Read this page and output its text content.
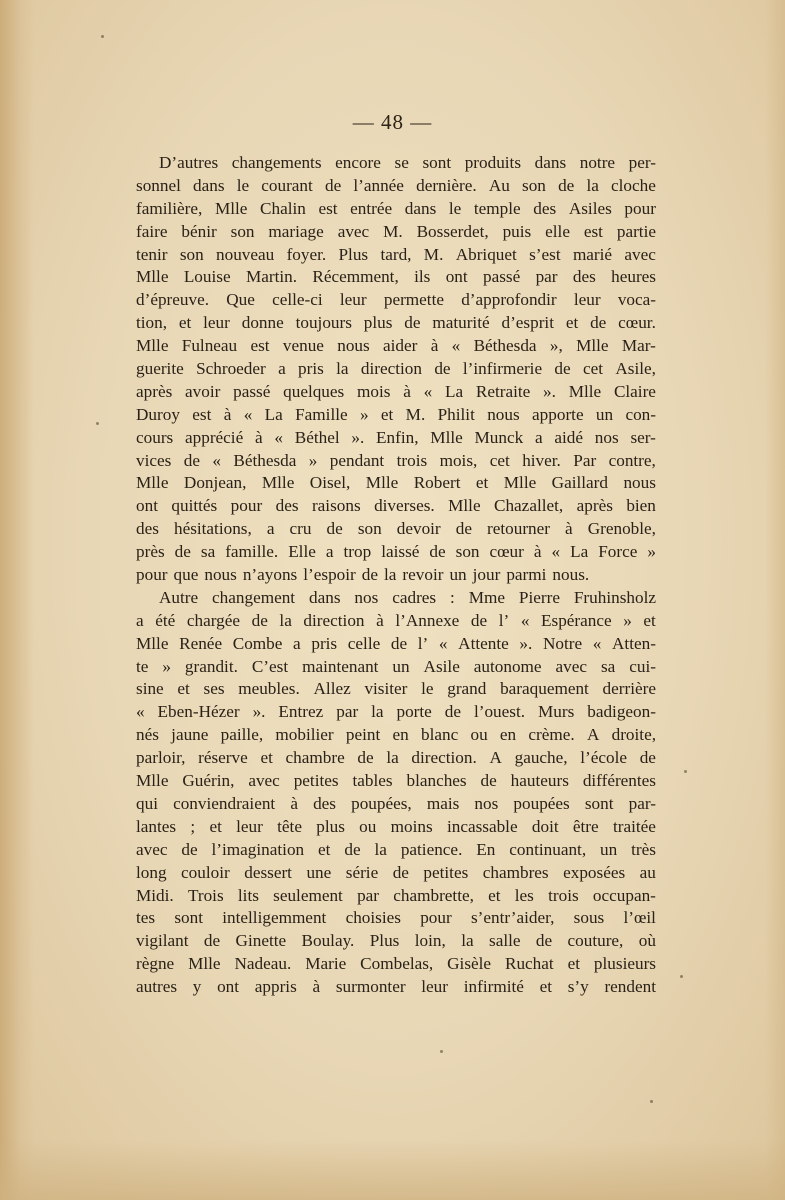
— 48 —
D’autres changements encore se sont produits dans notre per-
sonnel dans le courant de l’année dernière. Au son de la cloche
familière, Mlle Chalin est entrée dans le temple des Asiles pour
faire bénir son mariage avec M. Bosserdet, puis elle est partie
tenir son nouveau foyer. Plus tard, M. Abriquet s’est marié avec
Mlle Louise Martin. Récemment, ils ont passé par des heures
d’épreuve. Que celle-ci leur permette d’approfondir leur voca-
tion, et leur donne toujours plus de maturité d’esprit et de cœur.
Mlle Fulneau est venue nous aider à « Béthesda », Mlle Mar-
guerite Schroeder a pris la direction de l’infirmerie de cet Asile,
après avoir passé quelques mois à « La Retraite ». Mlle Claire
Duroy est à « La Famille » et M. Philit nous apporte un con-
cours apprécié à « Béthel ». Enfin, Mlle Munck a aidé nos ser-
vices de « Béthesda » pendant trois mois, cet hiver. Par contre,
Mlle Donjean, Mlle Oisel, Mlle Robert et Mlle Gaillard nous
ont quittés pour des raisons diverses. Mlle Chazallet, après bien
des hésitations, a cru de son devoir de retourner à Grenoble,
près de sa famille. Elle a trop laissé de son cœur à « La Force »
pour que nous n’ayons l’espoir de la revoir un jour parmi nous.
Autre changement dans nos cadres : Mme Pierre Fruhinsholz
a été chargée de la direction à l’Annexe de l’ « Espérance » et
Mlle Renée Combe a pris celle de l’ « Attente ». Notre « Atten-
te » grandit. C’est maintenant un Asile autonome avec sa cui-
sine et ses meubles. Allez visiter le grand baraquement derrière
« Eben-Hézer ». Entrez par la porte de l’ouest. Murs badigeon-
nés jaune paille, mobilier peint en blanc ou en crème. A droite,
parloir, réserve et chambre de la direction. A gauche, l’école de
Mlle Guérin, avec petites tables blanches de hauteurs différentes
qui conviendraient à des poupées, mais nos poupées sont par-
lantes ; et leur tête plus ou moins incassable doit être traitée
avec de l’imagination et de la patience. En continuant, un très
long couloir dessert une série de petites chambres exposées au
Midi. Trois lits seulement par chambrette, et les trois occupan-
tes sont intelligemment choisies pour s’entr’aider, sous l’œil
vigilant de Ginette Boulay. Plus loin, la salle de couture, où
règne Mlle Nadeau. Marie Combelas, Gisèle Ruchat et plusieurs
autres y ont appris à surmonter leur infirmité et s’y rendent
